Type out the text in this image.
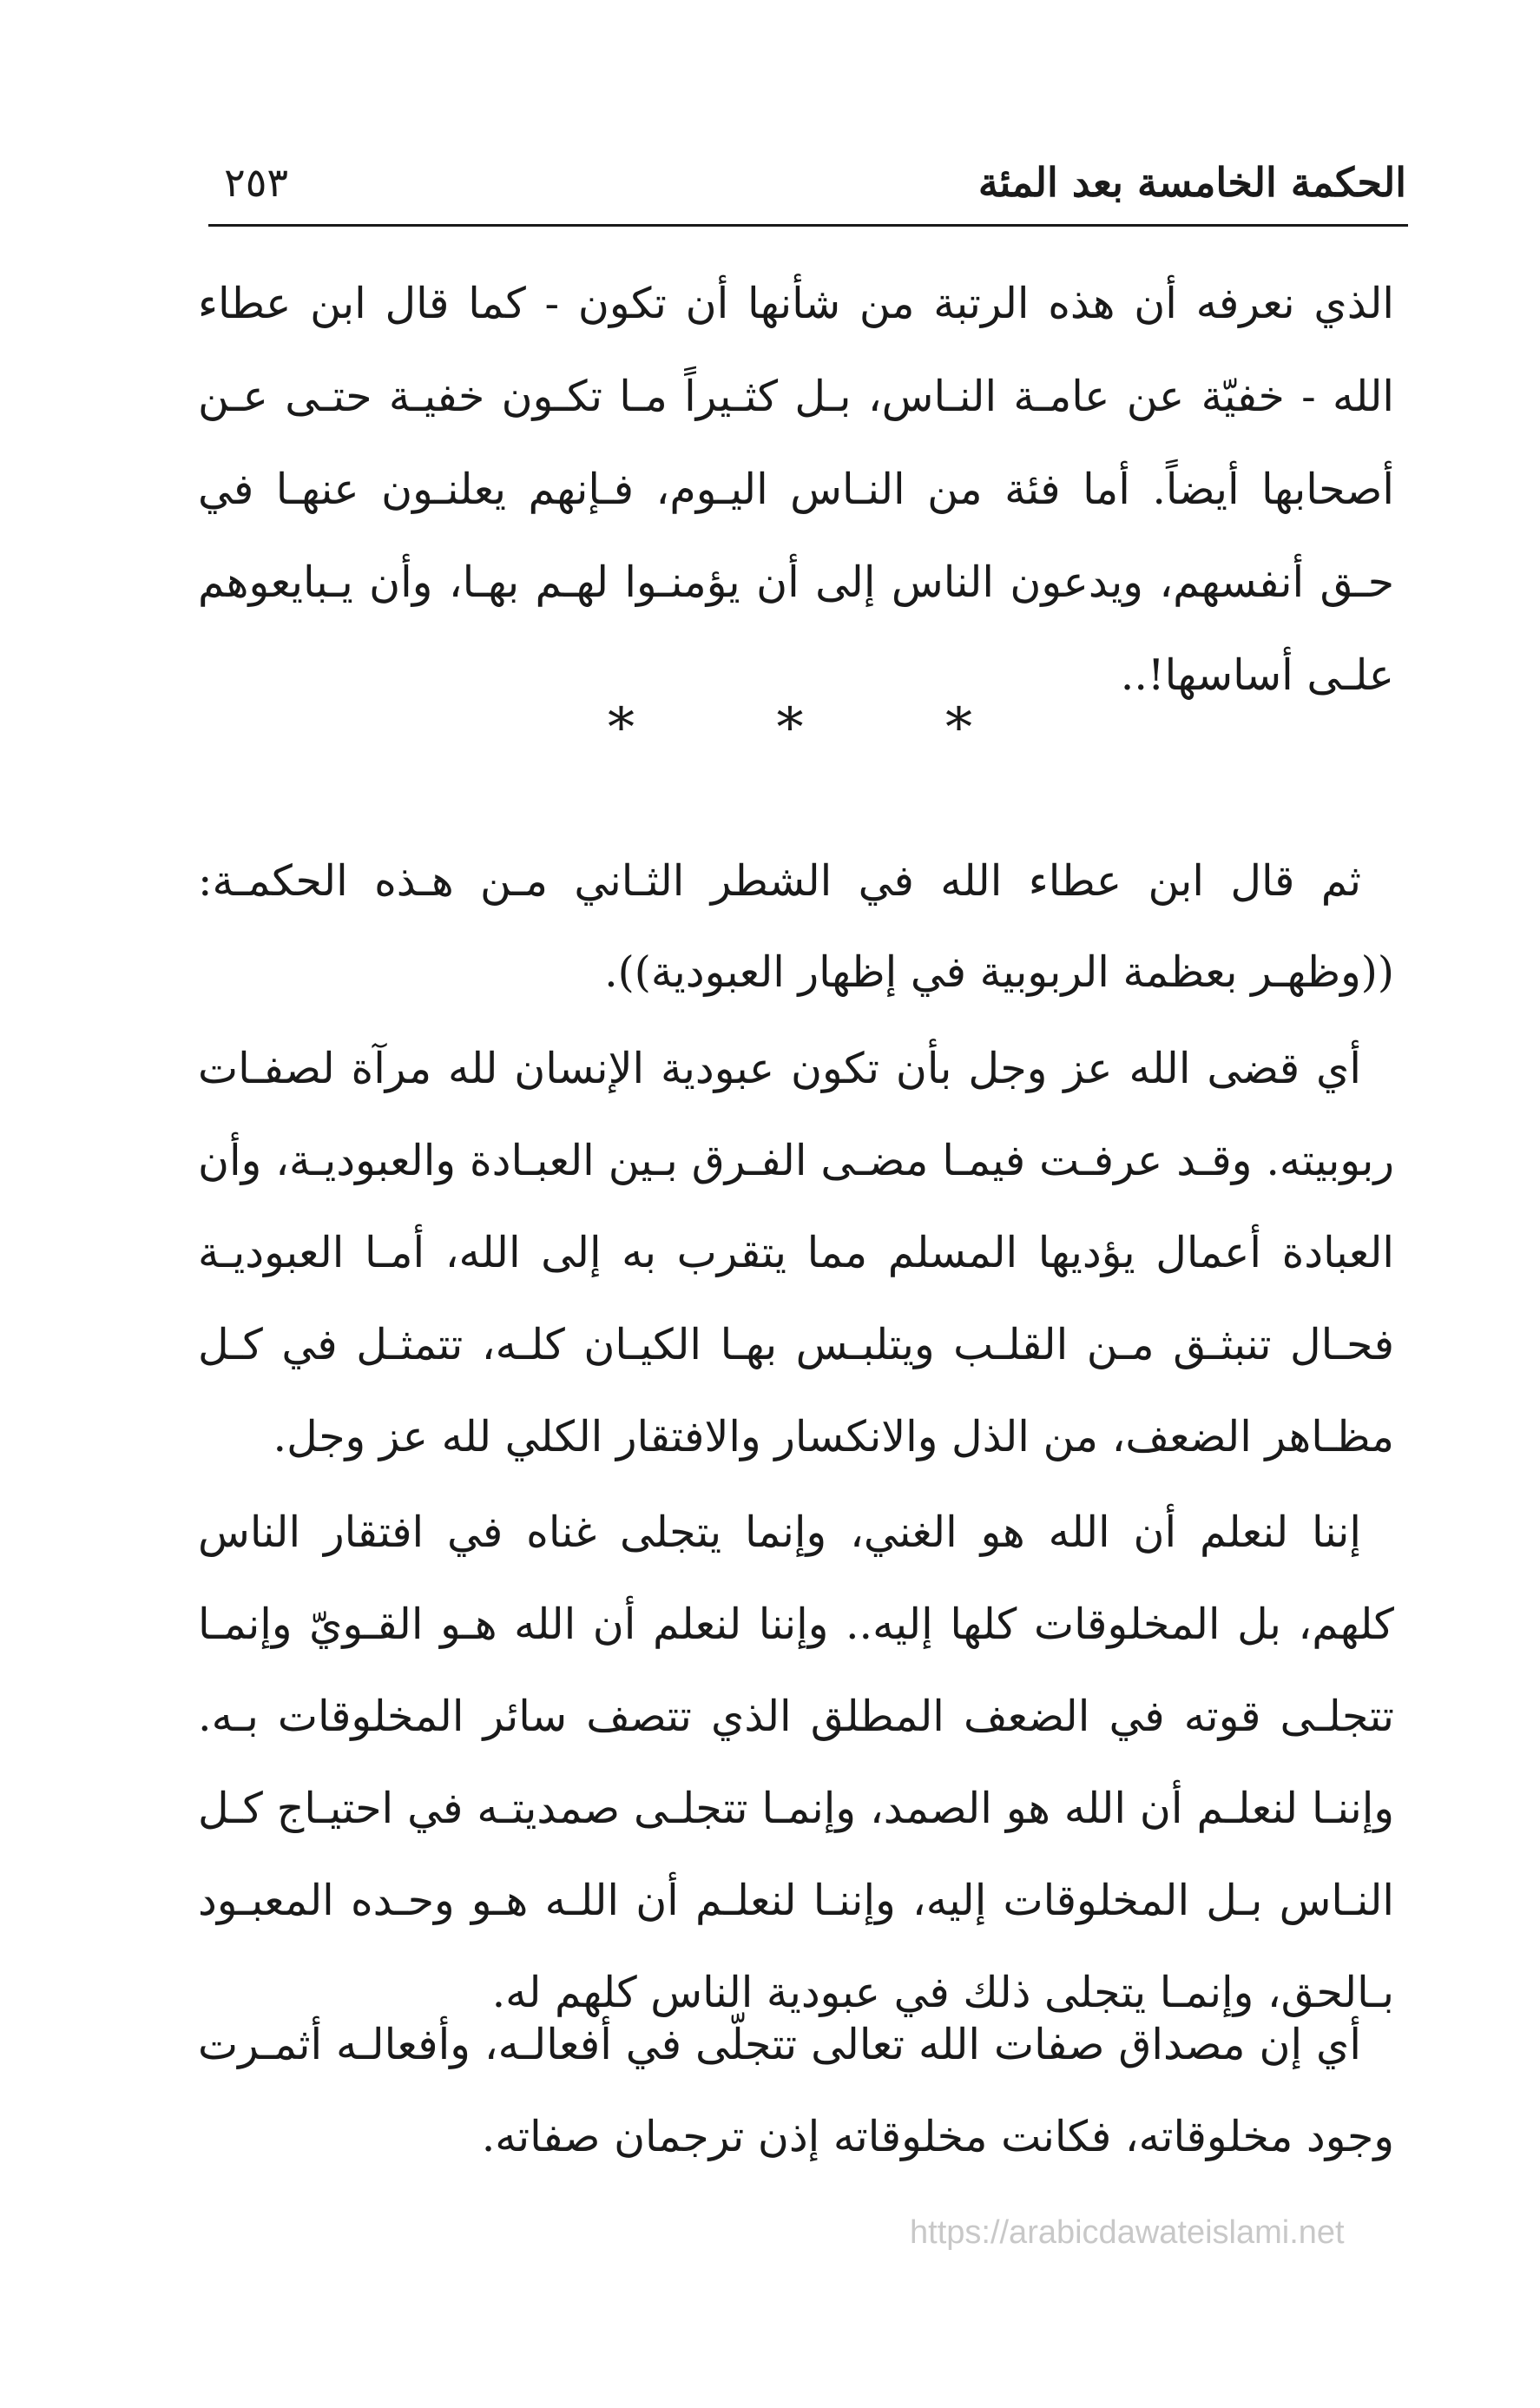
الحكمة الخامسة بعد المئة
٢٥٣

الذي نعرفه أن هذه الرتبة من شأنها أن تكون - كما قال ابن عطاء الله - خفيّة عن عامـة النـاس، بـل كثـيراً مـا تكـون خفيـة حتـى عـن أصحابها أيضاً. أما فئة من النـاس اليـوم، فـإنهم يعلنـون عنهـا في حـق أنفسهم، ويدعون الناس إلى أن يؤمنـوا لهـم بهـا، وأن يـبايعوهم علـى أساسها!..

*	*	*

ثم قال ابن عطاء الله في الشطر الثـاني مـن هـذه الحكمـة: ((وظهـر بعظمة الربوبية في إظهار العبودية)).

أي قضى الله عز وجل بأن تكون عبودية الإنسان لله مرآة لصفـات ربوبيته. وقـد عرفـت فيمـا مضـى الفـرق بـين العبـادة والعبوديـة، وأن العبادة أعمال يؤديها المسلم مما يتقرب به إلى الله، أمـا العبوديـة فحـال تنبثـق مـن القلـب ويتلبـس بهـا الكيـان كلـه، تتمثـل في كـل مظـاهر الضعف، من الذل والانكسار والافتقار الكلي لله عز وجل.

إننا لنعلم أن الله هو الغني، وإنما يتجلى غناه في افتقار الناس كلهم، بل المخلوقات كلها إليه.. وإننا لنعلم أن الله هـو القـويّ وإنمـا تتجلـى قوته في الضعف المطلق الذي تتصف سائر المخلوقات بـه. وإننـا لنعلـم أن الله هو الصمد، وإنمـا تتجلـى صمديتـه في احتيـاج كـل النـاس بـل المخلوقات إليه، وإننـا لنعلـم أن اللـه هـو وحـده المعبـود بـالحق، وإنمـا يتجلى ذلك في عبودية الناس كلهم له.

أي إن مصداق صفات الله تعالى تتجلّى في أفعالـه، وأفعالـه أثمـرت وجود مخلوقاته، فكانت مخلوقاته إذن ترجمان صفاته.

https://arabicdawateislami.net
